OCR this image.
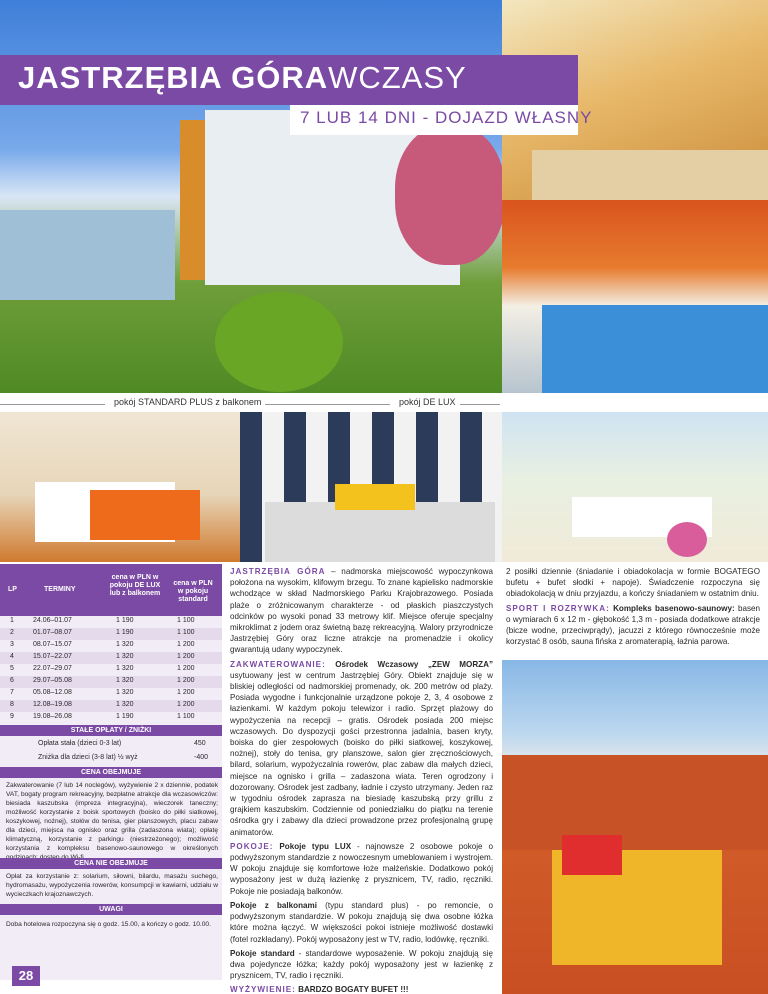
pokój STANDARD PLUS z balkonem	pokój DE LUX
JASTRZĘBIA GÓRAWCZASY
7 LUB 14 DNI - DOJAZD WŁASNY
LP	TERMINY
cena w PLN w pokoju DE LUX lub z balkonem
cena w PLN w pokoju standard
1	24.06–01.07	1 190	1 100
2	01.07–08.07	1 190	1 100
3	08.07–15.07	1 320	1 200
4	15.07–22.07	1 320	1 200
5	22.07–29.07	1 320	1 200
6	29.07–05.08	1 320	1 200
7	05.08–12.08	1 320	1 200
8	12.08–19.08	1 320	1 200
9	19.08–26.08	1 190	1 100
STAŁE OPŁATY / ZNIŻKI
Opłata stała (dzieci 0-3 lat)	450
Zniżka dla dzieci (3-8 lat) ½ wyż	-400
CENA OBEJMUJE
Zakwaterowanie (7 lub 14 noclegów), wyżywienie 2 x dziennie, podatek VAT, bogaty program rekreacyjny, bezpłatne atrakcje dla wczasowiczów: biesiada kaszubska (impreza integracyjna), wieczorek taneczny; możliwość korzystanie z boisk sportowych (boisko do piłki siatkowej, koszykowej, nożnej), stołów do tenisa, gier planszowych, placu zabaw dla dzieci, miejsca na ognisko oraz grilla (zadaszona wiata); opłatę klimatyczną, korzystanie z parkingu (niestrzeżonego); możliwość korzystania z kompleksu basenowo-saunowego w określonych
CENA NIE OBEJMUJE
Opłat za korzystanie z: solarium, siłowni, bilardu, masażu suchego, hydromasażu, wypożyczenia rowerów, konsumpcji w kawiarni, udziału w wycieczkach krajoznawczych.
UWAGI
Doba hotelowa rozpoczyna się o godz. 15.00, a kończy o godz. 10.00.
28

JASTRZĘBIA GÓRA – nadmorska miejscowość wypoczynkowa położona na wysokim, klifowym brzegu. To znane kąpielisko nadmorskie wchodzące w skład Nadmorskiego Parku Krajobrazowego. Posiada plaże o zróżnicowanym charakterze - od płaskich piaszczystych odcinków po wysoki ponad 33 metrowy klif. Miejsce oferuje specjalny mikroklimat z jodem oraz świetną bazę rekreacyjną. Walory przyrodnicze Jastrzębiej Góry oraz liczne atrakcje na promenadzie i okolicy gwarantują udany wypoczynek.

ZAKWATEROWANIE: Ośrodek Wczasowy „ZEW MORZA” usytuowany jest w centrum Jastrzębiej Góry. Obiekt znajduje się w bliskiej odległości od nadmorskiej promenady, ok. 200 metrów od plaży. Posiada wygodne i funkcjonalnie urządzone pokoje 2, 3, 4 osobowe z łazienkami. W każdym pokoju telewizor i radio. Sprzęt plażowy do wypożyczenia na recepcji – gratis. Ośrodek posiada 200 miejsc wczasowych. Do dyspozycji gości przestronna jadalnia, basen kryty, boiska do gier zespołowych (boisko do piłki siatkowej, koszykowej, nożnej), stoły do tenisa, gry planszowe, salon gier zręcznościowych, bilard, solarium, wypożyczalnia rowerów, plac zabaw dla małych dzieci, miejsce na ognisko i grilla – zadaszona wiata. Teren ogrodzony i dozorowany. Ośrodek jest zadbany, ładnie i czysto utrzymany. Jeden raz w tygodniu ośrodek zaprasza na biesiadę kaszubską przy grillu z grajkiem kaszubskim. Codziennie od poniedziałku do piątku na terenie ośrodka gry i zabawy dla dzieci prowadzone przez profesjonalną grupę animatorów.

POKOJE: Pokoje typu LUX - najnowsze 2 osobowe pokoje o podwyższonym standardzie z nowoczesnym umeblowaniem i wystrojem. W pokoju znajduje się komfortowe łoże małżeńskie. Dodatkowo pokój wyposażony jest w dużą łazienkę z prysznicem, TV, radio, ręczniki. Pokoje nie posiadają balkonów.

Pokoje z balkonami (typu standard plus) - po remoncie, o podwyższonym standardzie. W pokoju znajdują się dwa osobne łóżka które można łączyć. W większości pokoi istnieje możliwość dostawki (fotel rozkładany). Pokój wyposażony jest w TV, radio, lodówkę, ręczniki.

Pokoje standard - standardowe wyposażenie. W pokoju znajdują się dwa pojedyncze łóżka; każdy pokój wyposażony jest w łazienkę z prysznicem, TV, radio i ręczniki.

WYŻYWIENIE: BARDZO BOGATY BUFET !!!

2 posiłki dziennie (śniadanie i obiadokolacja w formie BOGATEGO bufetu + bufet słodki + napoje). Świadczenie rozpoczyna się obiadokolacją w dniu przyjazdu, a kończy śniadaniem w ostatnim dniu.

SPORT I ROZRYWKA: Kompleks basenowo-saunowy: basen o wymiarach 6 x 12 m - głębokość 1,3 m - posiada dodatkowe atrakcje (bicze wodne, przeciwprądy), jacuzzi z którego równocześnie może korzystać 8 osób, sauna fińska z aromaterapią, łaźnia parowa.
